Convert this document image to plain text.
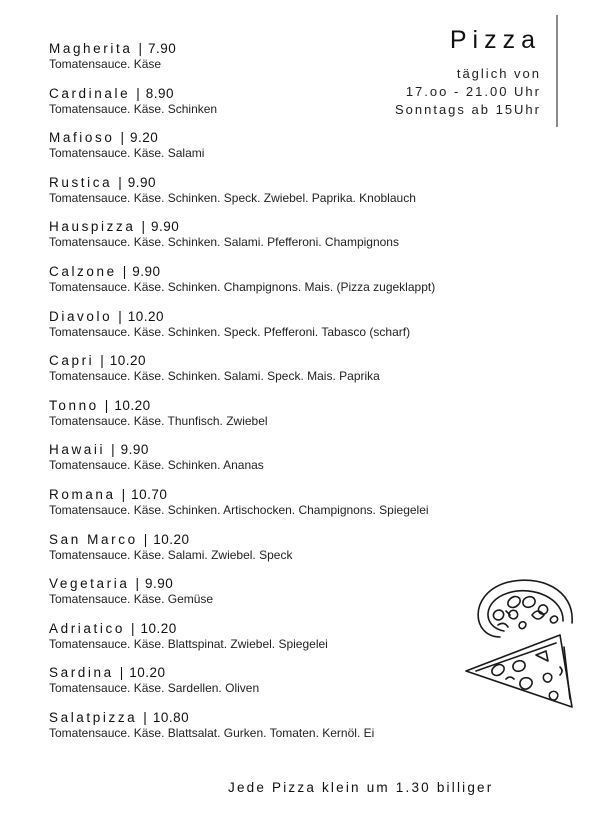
Pizza
täglich von
17.oo - 21.00 Uhr
Sonntags ab 15Uhr
Magherita | 7.90
Tomatensauce. Käse
Cardinale | 8.90
Tomatensauce. Käse. Schinken
Mafioso | 9.20
Tomatensauce. Käse. Salami
Rustica | 9.90
Tomatensauce. Käse. Schinken. Speck. Zwiebel. Paprika. Knoblauch
Hauspizza | 9.90
Tomatensauce. Käse. Schinken. Salami. Pfefferoni. Champignons
Calzone | 9.90
Tomatensauce. Käse. Schinken. Champignons. Mais. (Pizza zugeklappt)
Diavolo | 10.20
Tomatensauce. Käse. Schinken. Speck. Pfefferoni. Tabasco (scharf)
Capri | 10.20
Tomatensauce. Käse. Schinken. Salami. Speck. Mais. Paprika
Tonno | 10.20
Tomatensauce. Käse. Thunfisch. Zwiebel
Hawaii | 9.90
Tomatensauce. Käse. Schinken. Ananas
Romana | 10.70
Tomatensauce. Käse. Schinken. Artischocken. Champignons. Spiegelei
San Marco | 10.20
Tomatensauce. Käse. Salami. Zwiebel. Speck
Vegetaria | 9.90
Tomatensauce. Käse. Gemüse
Adriatico | 10.20
Tomatensauce. Käse. Blattspinat. Zwiebel. Spiegelei
Sardina | 10.20
Tomatensauce. Käse. Sardellen. Oliven
Salatpizza | 10.80
Tomatensauce. Käse. Blattsalat. Gurken. Tomaten. Kernöl. Ei
Jede Pizza klein um 1.30 billiger
